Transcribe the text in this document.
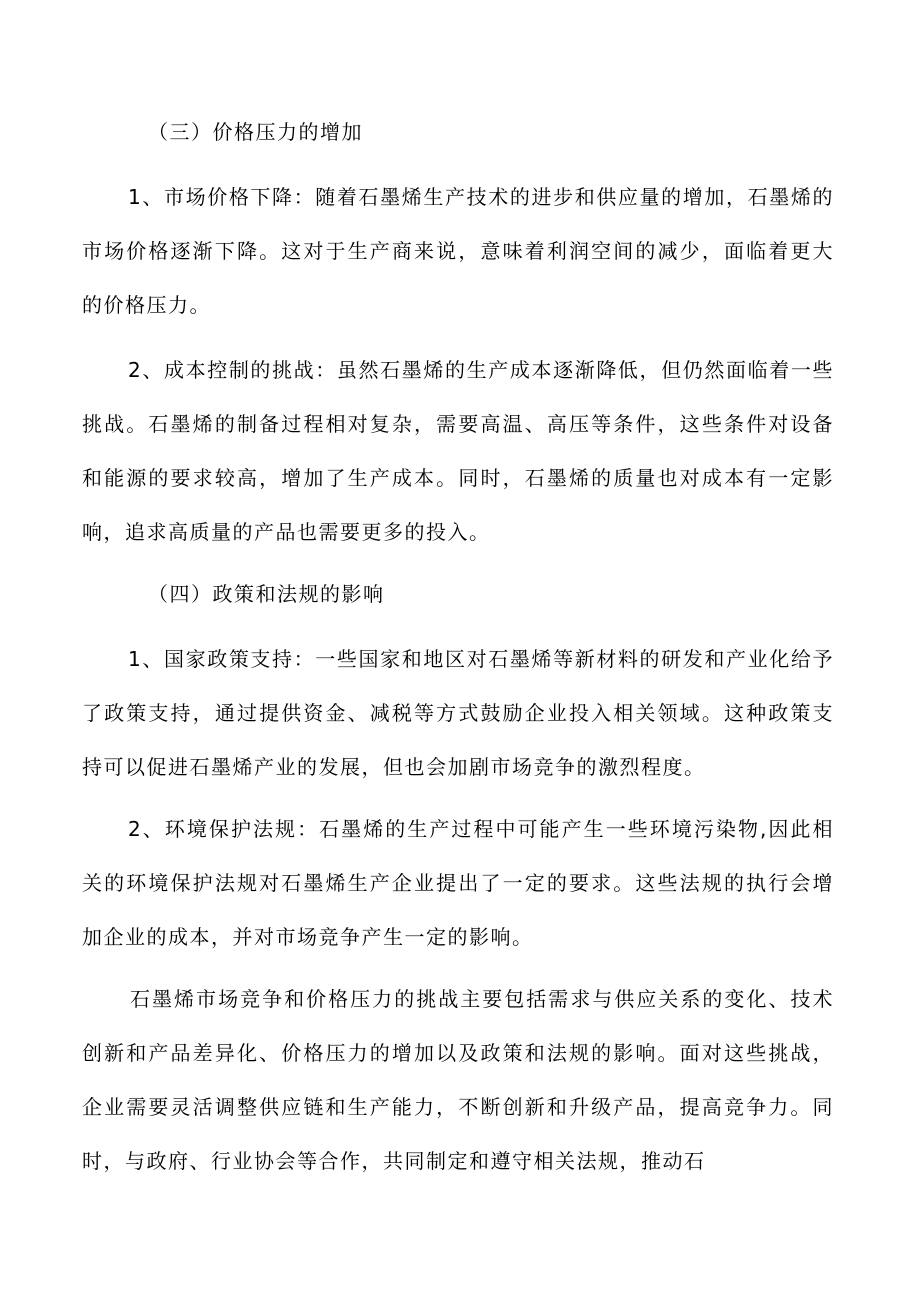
（三）价格压力的增加

1、市场价格下降：随着石墨烯生产技术的进步和供应量的增加，石墨烯的市场价格逐渐下降。这对于生产商来说，意味着利润空间的减少，面临着更大的价格压力。

2、成本控制的挑战：虽然石墨烯的生产成本逐渐降低，但仍然面临着一些挑战。石墨烯的制备过程相对复杂，需要高温、高压等条件，这些条件对设备和能源的要求较高，增加了生产成本。同时，石墨烯的质量也对成本有一定影响，追求高质量的产品也需要更多的投入。

（四）政策和法规的影响

1、国家政策支持：一些国家和地区对石墨烯等新材料的研发和产业化给予了政策支持，通过提供资金、减税等方式鼓励企业投入相关领域。这种政策支持可以促进石墨烯产业的发展，但也会加剧市场竞争的激烈程度。

2、环境保护法规：石墨烯的生产过程中可能产生一些环境污染物,因此相关的环境保护法规对石墨烯生产企业提出了一定的要求。这些法规的执行会增加企业的成本，并对市场竞争产生一定的影响。

石墨烯市场竞争和价格压力的挑战主要包括需求与供应关系的变化、技术创新和产品差异化、价格压力的增加以及政策和法规的影响。面对这些挑战，企业需要灵活调整供应链和生产能力，不断创新和升级产品，提高竞争力。同时，与政府、行业协会等合作，共同制定和遵守相关法规，推动石
